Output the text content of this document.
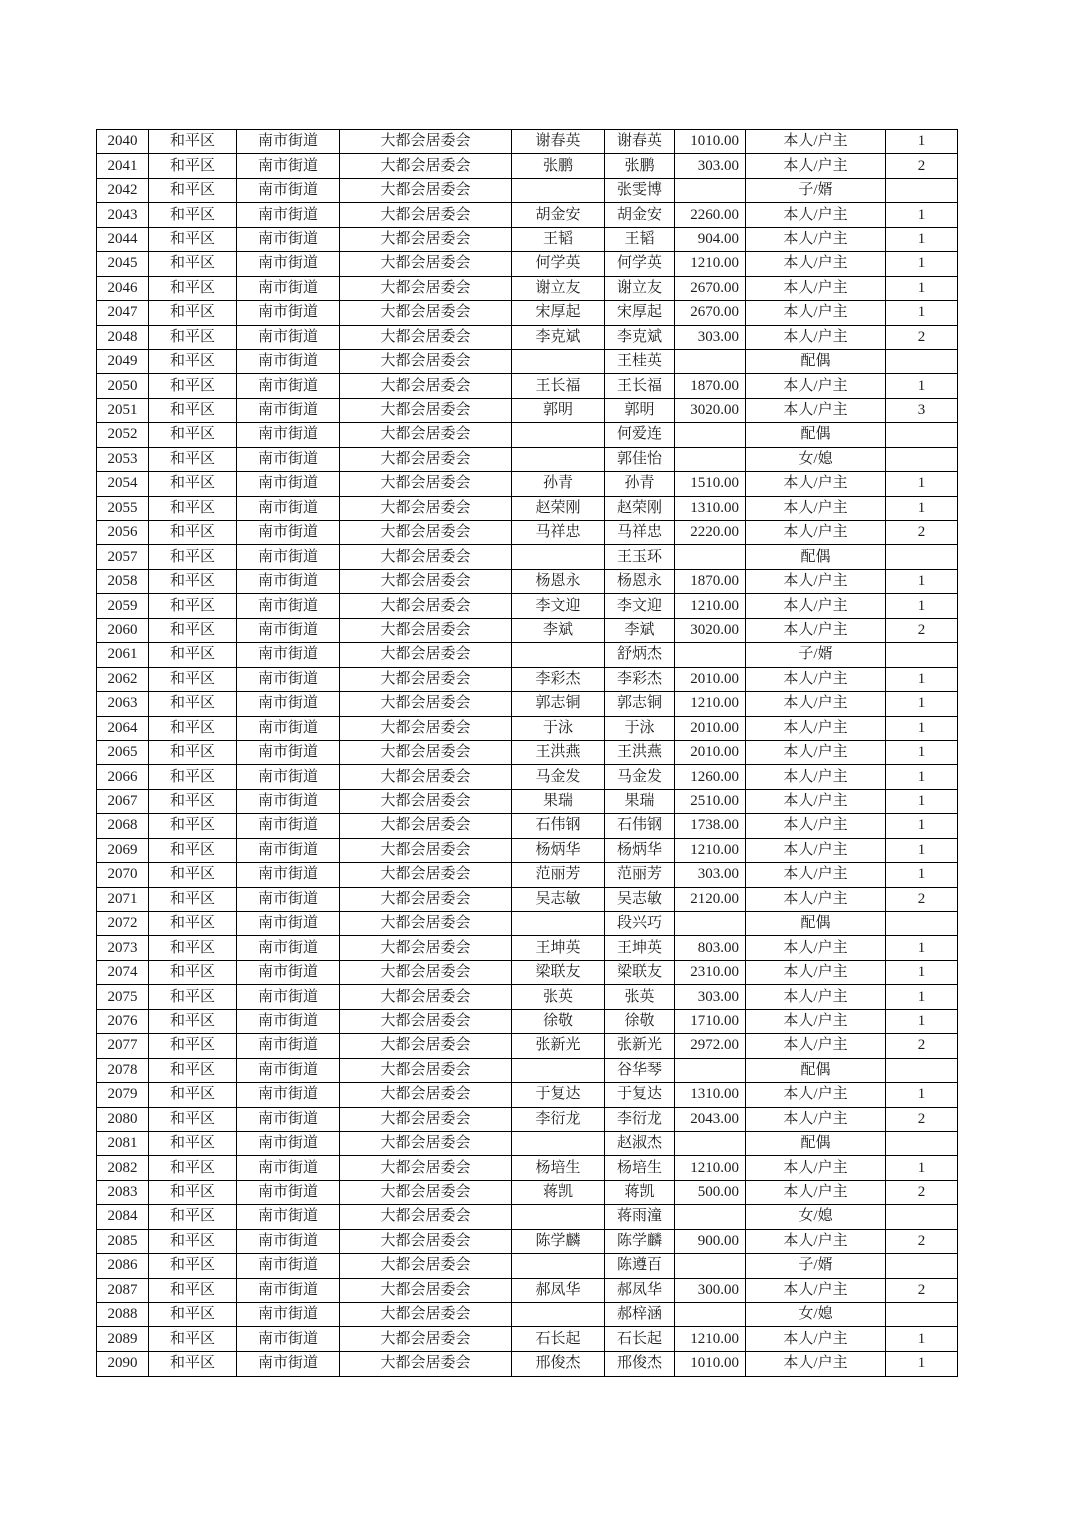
2040	和平区	南市街道	大都会居委会	谢春英	谢春英	1010.00	本人/户主	1
2041	和平区	南市街道	大都会居委会	张鹏	张鹏	303.00	本人/户主	2
2042	和平区	南市街道	大都会居委会		张雯博		子/婿	
2043	和平区	南市街道	大都会居委会	胡金安	胡金安	2260.00	本人/户主	1
2044	和平区	南市街道	大都会居委会	王韬	王韬	904.00	本人/户主	1
2045	和平区	南市街道	大都会居委会	何学英	何学英	1210.00	本人/户主	1
2046	和平区	南市街道	大都会居委会	谢立友	谢立友	2670.00	本人/户主	1
2047	和平区	南市街道	大都会居委会	宋厚起	宋厚起	2670.00	本人/户主	1
2048	和平区	南市街道	大都会居委会	李克斌	李克斌	303.00	本人/户主	2
2049	和平区	南市街道	大都会居委会		王桂英		配偶	
2050	和平区	南市街道	大都会居委会	王长福	王长福	1870.00	本人/户主	1
2051	和平区	南市街道	大都会居委会	郭明	郭明	3020.00	本人/户主	3
2052	和平区	南市街道	大都会居委会		何爱连		配偶	
2053	和平区	南市街道	大都会居委会		郭佳怡		女/媳	
2054	和平区	南市街道	大都会居委会	孙青	孙青	1510.00	本人/户主	1
2055	和平区	南市街道	大都会居委会	赵荣刚	赵荣刚	1310.00	本人/户主	1
2056	和平区	南市街道	大都会居委会	马祥忠	马祥忠	2220.00	本人/户主	2
2057	和平区	南市街道	大都会居委会		王玉环		配偶	
2058	和平区	南市街道	大都会居委会	杨恩永	杨恩永	1870.00	本人/户主	1
2059	和平区	南市街道	大都会居委会	李文迎	李文迎	1210.00	本人/户主	1
2060	和平区	南市街道	大都会居委会	李斌	李斌	3020.00	本人/户主	2
2061	和平区	南市街道	大都会居委会		舒炳杰		子/婿	
2062	和平区	南市街道	大都会居委会	李彩杰	李彩杰	2010.00	本人/户主	1
2063	和平区	南市街道	大都会居委会	郭志铜	郭志铜	1210.00	本人/户主	1
2064	和平区	南市街道	大都会居委会	于泳	于泳	2010.00	本人/户主	1
2065	和平区	南市街道	大都会居委会	王洪燕	王洪燕	2010.00	本人/户主	1
2066	和平区	南市街道	大都会居委会	马金发	马金发	1260.00	本人/户主	1
2067	和平区	南市街道	大都会居委会	果瑞	果瑞	2510.00	本人/户主	1
2068	和平区	南市街道	大都会居委会	石伟钢	石伟钢	1738.00	本人/户主	1
2069	和平区	南市街道	大都会居委会	杨炳华	杨炳华	1210.00	本人/户主	1
2070	和平区	南市街道	大都会居委会	范丽芳	范丽芳	303.00	本人/户主	1
2071	和平区	南市街道	大都会居委会	吴志敏	吴志敏	2120.00	本人/户主	2
2072	和平区	南市街道	大都会居委会		段兴巧		配偶	
2073	和平区	南市街道	大都会居委会	王坤英	王坤英	803.00	本人/户主	1
2074	和平区	南市街道	大都会居委会	梁联友	梁联友	2310.00	本人/户主	1
2075	和平区	南市街道	大都会居委会	张英	张英	303.00	本人/户主	1
2076	和平区	南市街道	大都会居委会	徐敬	徐敬	1710.00	本人/户主	1
2077	和平区	南市街道	大都会居委会	张新光	张新光	2972.00	本人/户主	2
2078	和平区	南市街道	大都会居委会		谷华琴		配偶	
2079	和平区	南市街道	大都会居委会	于复达	于复达	1310.00	本人/户主	1
2080	和平区	南市街道	大都会居委会	李衍龙	李衍龙	2043.00	本人/户主	2
2081	和平区	南市街道	大都会居委会		赵淑杰		配偶	
2082	和平区	南市街道	大都会居委会	杨培生	杨培生	1210.00	本人/户主	1
2083	和平区	南市街道	大都会居委会	蒋凯	蒋凯	500.00	本人/户主	2
2084	和平区	南市街道	大都会居委会		蒋雨潼		女/媳	
2085	和平区	南市街道	大都会居委会	陈学麟	陈学麟	900.00	本人/户主	2
2086	和平区	南市街道	大都会居委会		陈遵百		子/婿	
2087	和平区	南市街道	大都会居委会	郝凤华	郝凤华	300.00	本人/户主	2
2088	和平区	南市街道	大都会居委会		郝梓涵		女/媳	
2089	和平区	南市街道	大都会居委会	石长起	石长起	1210.00	本人/户主	1
2090	和平区	南市街道	大都会居委会	邢俊杰	邢俊杰	1010.00	本人/户主	1
